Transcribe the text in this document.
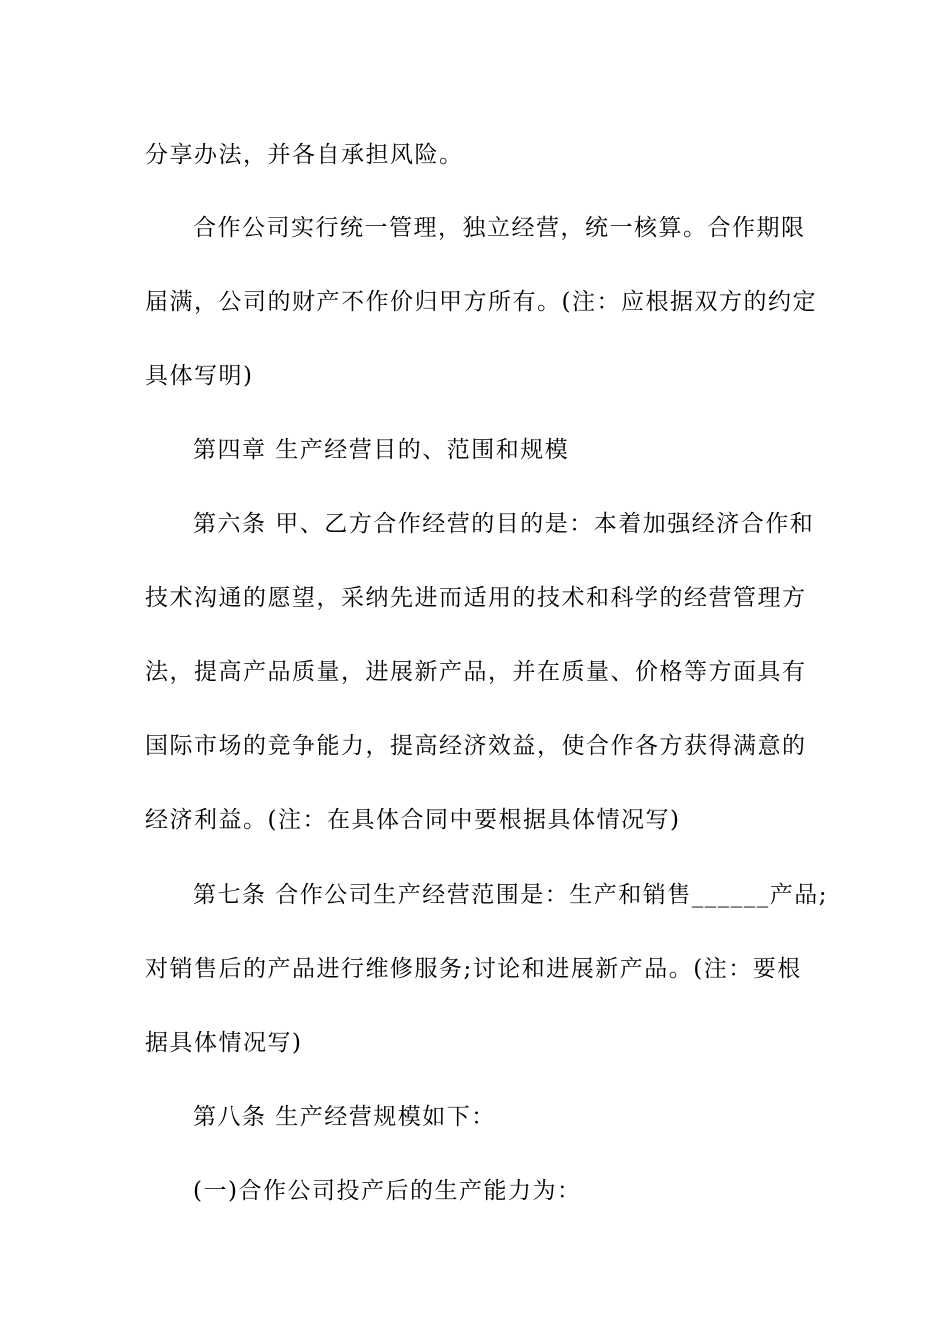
分享办法，并各自承担风险。
合作公司实行统一管理，独立经营，统一核算。合作期限
届满，公司的财产不作价归甲方所有。(注：应根据双方的约定
具体写明)
第四章 生产经营目的、范围和规模
第六条 甲、乙方合作经营的目的是：本着加强经济合作和
技术沟通的愿望，采纳先进而适用的技术和科学的经营管理方
法，提高产品质量，进展新产品，并在质量、价格等方面具有
国际市场的竞争能力，提高经济效益，使合作各方获得满意的
经济利益。(注：在具体合同中要根据具体情况写)
第七条 合作公司生产经营范围是：生产和销售______产品;
对销售后的产品进行维修服务;讨论和进展新产品。(注：要根
据具体情况写)
第八条 生产经营规模如下：
(一)合作公司投产后的生产能力为：
